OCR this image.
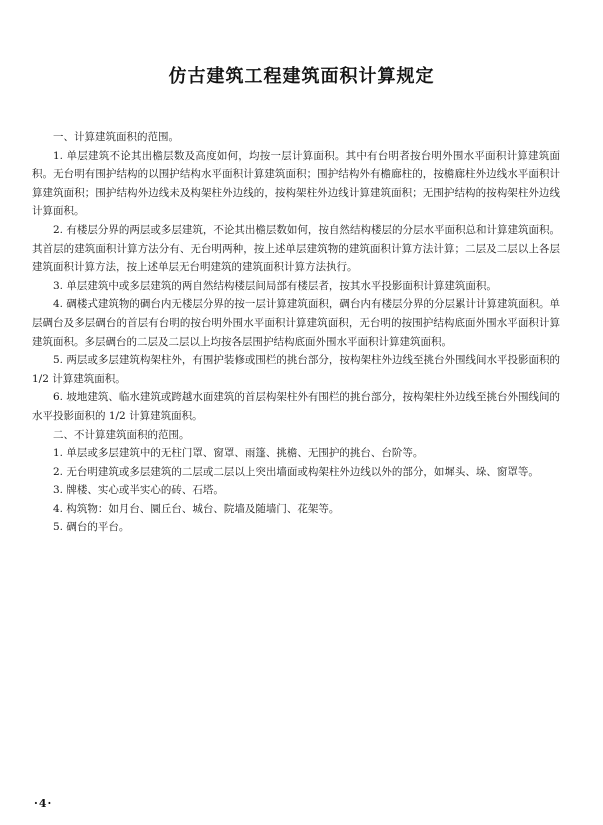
仿古建筑工程建筑面积计算规定

一、计算建筑面积的范围。

1. 单层建筑不论其出檐层数及高度如何，均按一层计算面积。其中有台明者按台明外围水平面积计算建筑面积。无台明有围护结构的以围护结构水平面积计算建筑面积；围护结构外有檐廊柱的，按檐廊柱外边线水平面积计算建筑面积；围护结构外边线未及构架柱外边线的，按构架柱外边线计算建筑面积；无围护结构的按构架柱外边线计算面积。

2. 有楼层分界的两层或多层建筑，不论其出檐层数如何，按自然结构楼层的分层水平面积总和计算建筑面积。其首层的建筑面积计算方法分有、无台明两种，按上述单层建筑物的建筑面积计算方法计算；二层及二层以上各层建筑面积计算方法，按上述单层无台明建筑的建筑面积计算方法执行。

3. 单层建筑中或多层建筑的两自然结构楼层间局部有楼层者，按其水平投影面积计算建筑面积。

4. 碉楼式建筑物的碉台内无楼层分界的按一层计算建筑面积，碉台内有楼层分界的分层累计计算建筑面积。单层碉台及多层碉台的首层有台明的按台明外围水平面积计算建筑面积，无台明的按围护结构底面外围水平面积计算建筑面积。多层碉台的二层及二层以上均按各层围护结构底面外围水平面积计算建筑面积。

5. 两层或多层建筑构架柱外，有围护装修或围栏的挑台部分，按构架柱外边线至挑台外围线间水平投影面积的 1/2 计算建筑面积。

6. 坡地建筑、临水建筑或跨越水面建筑的首层构架柱外有围栏的挑台部分，按构架柱外边线至挑台外围线间的水平投影面积的 1/2 计算建筑面积。

二、不计算建筑面积的范围。

1. 单层或多层建筑中的无柱门罩、窗罩、雨篷、挑檐、无围护的挑台、台阶等。

2. 无台明建筑或多层建筑的二层或二层以上突出墙面或构架柱外边线以外的部分，如墀头、垛、窗罩等。

3. 牌楼、实心或半实心的砖、石塔。

4. 构筑物：如月台、圜丘台、城台、院墙及随墙门、花架等。

5. 碉台的平台。

·4·
